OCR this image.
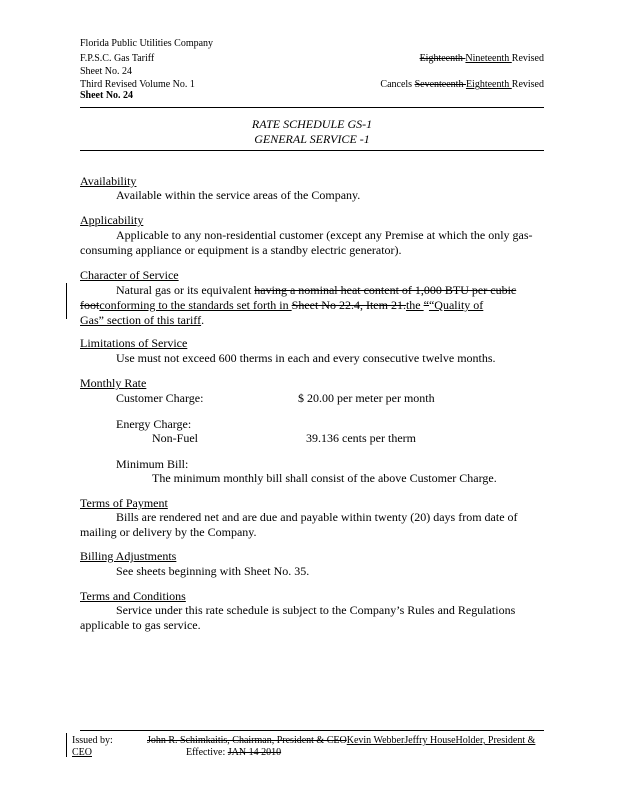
Florida Public Utilities Company
F.P.S.C. Gas Tariff
Sheet No. 24
Third Revised Volume No. 1
Sheet No. 24
Eighteenth Nineteenth Revised
Cancels Seventeenth Eighteenth Revised
RATE SCHEDULE GS-1
GENERAL SERVICE -1
Availability
Available within the service areas of the Company.
Applicability
Applicable to any non-residential customer (except any Premise at which the only gas-
consuming appliance or equipment is a standby electric generator).
Character of Service
Natural gas or its equivalent having a nominal heat content of 1,000 BTU per cubic
footconforming to the standards set forth in Sheet No 22.4, Item 21.the ““Quality of
Gas” section of this tariff.
Limitations of Service
Use must not exceed 600 therms in each and every consecutive twelve months.
Monthly Rate
Customer Charge:	$ 20.00 per meter per month
Energy Charge:
Non-Fuel	39.136 cents per therm
Minimum Bill:
The minimum monthly bill shall consist of the above Customer Charge.
Terms of Payment
Bills are rendered net and are due and payable within twenty (20) days from date of
mailing or delivery by the Company.
Billing Adjustments
See sheets beginning with Sheet No. 35.
Terms and Conditions
Service under this rate schedule is subject to the Company’s Rules and Regulations
applicable to gas service.
Issued by:	John R. Schimkaitis, Chairman, President & CEOKevin WebberJeffry HouseHolder, President &
CEO	Effective: JAN 14 2010
